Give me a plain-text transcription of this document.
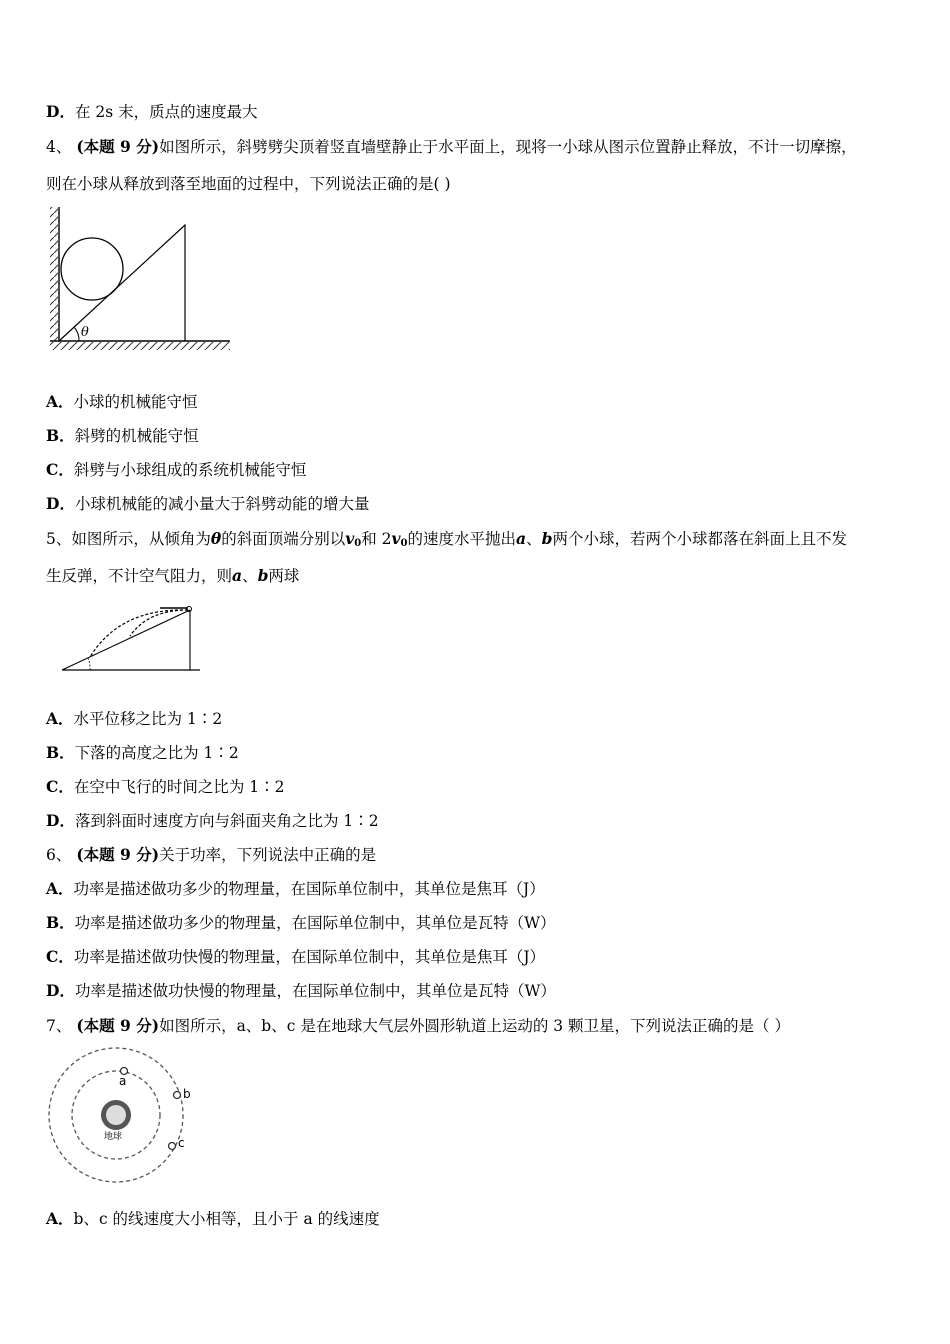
D．在 2s 末，质点的速度最大
4、 (本题 9 分)如图所示，斜劈劈尖顶着竖直墙壁静止于水平面上，现将一小球从图示位置静止释放，不计一切摩擦，
则在小球从释放到落至地面的过程中，下列说法正确的是( )
θ
A．小球的机械能守恒
B．斜劈的机械能守恒
C．斜劈与小球组成的系统机械能守恒
D．小球机械能的减小量大于斜劈动能的增大量
5、如图所示，从倾角为θ的斜面顶端分别以$v_0$和 $2v_0$的速度水平抛出a、b两个小球，若两个小球都落在斜面上且不发
生反弹，不计空气阻力，则a、b两球
A．水平位移之比为 1∶2
B．下落的高度之比为 1∶2
C．在空中飞行的时间之比为 1∶2
D．落到斜面时速度方向与斜面夹角之比为 1∶2
6、 (本题 9 分)关于功率，下列说法中正确的是
A．功率是描述做功多少的物理量，在国际单位制中，其单位是焦耳（J）
B．功率是描述做功多少的物理量，在国际单位制中，其单位是瓦特（W）
C．功率是描述做功快慢的物理量，在国际单位制中，其单位是焦耳（J）
D．功率是描述做功快慢的物理量，在国际单位制中，其单位是瓦特（W）
7、 (本题 9 分)如图所示，a、b、c 是在地球大气层外圆形轨道上运动的 3 颗卫星，下列说法正确的是（ ）
地球
a
b
c
A．b、c 的线速度大小相等，且小于 a 的线速度
